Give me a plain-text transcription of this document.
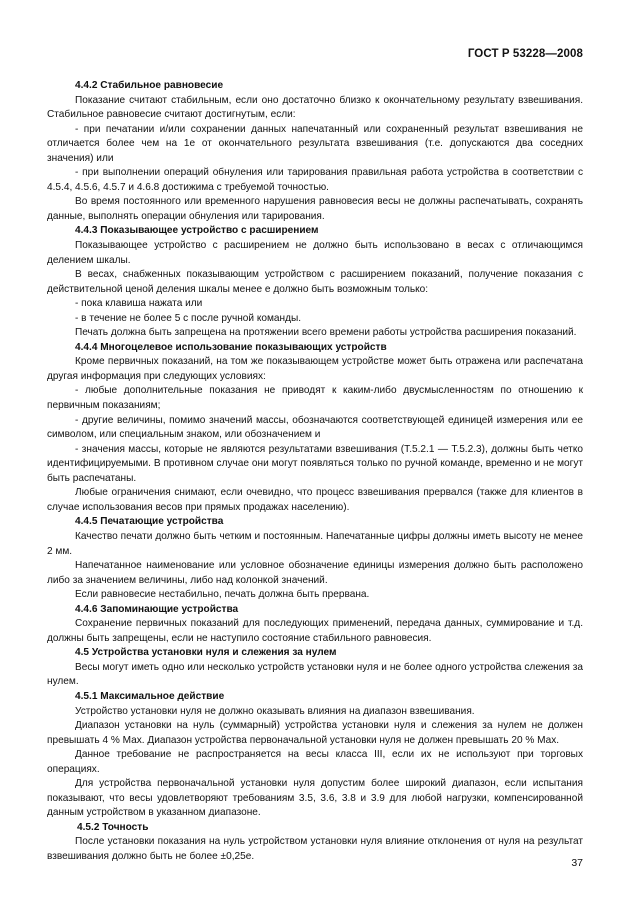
ГОСТ Р 53228—2008

4.4.2 Стабильное равновесие

Показание считают стабильным, если оно достаточно близко к окончательному результату взвешивания. Стабильное равновесие считают достигнутым, если:

- при печатании и/или сохранении данных напечатанный или сохраненный результат взвешивания не отличается более чем на 1e от окончательного результата взвешивания (т.е. допускаются два соседних значения) или

- при выполнении операций обнуления или тарирования правильная работа устройства в соответствии с 4.5.4, 4.5.6, 4.5.7 и 4.6.8 достижима с требуемой точностью.

Во время постоянного или временного нарушения равновесия весы не должны распечатывать, сохранять данные, выполнять операции обнуления или тарирования.

4.4.3 Показывающее устройство с расширением

Показывающее устройство с расширением не должно быть использовано в весах с отличающимся делением шкалы.

В весах, снабженных показывающим устройством с расширением показаний, получение показания с действительной ценой деления шкалы менее e должно быть возможным только:

- пока клавиша нажата или

- в течение не более 5 с после ручной команды.

Печать должна быть запрещена на протяжении всего времени работы устройства расширения показаний.

4.4.4 Многоцелевое использование показывающих устройств

Кроме первичных показаний, на том же показывающем устройстве может быть отражена или распечатана другая информация при следующих условиях:

- любые дополнительные показания не приводят к каким-либо двусмысленностям по отношению к первичным показаниям;

- другие величины, помимо значений массы, обозначаются соответствующей единицей измерения или ее символом, или специальным знаком, или обозначением и

- значения массы, которые не являются результатами взвешивания (Т.5.2.1 — Т.5.2.3), должны быть четко идентифицируемыми. В противном случае они могут появляться только по ручной команде, временно и не могут быть распечатаны.

Любые ограничения снимают, если очевидно, что процесс взвешивания прервался (также для клиентов в случае использования весов при прямых продажах населению).

4.4.5 Печатающие устройства

Качество печати должно быть четким и постоянным. Напечатанные цифры должны иметь высоту не менее 2 мм.

Напечатанное наименование или условное обозначение единицы измерения должно быть расположено либо за значением величины, либо над колонкой значений.

Если равновесие нестабильно, печать должна быть прервана.

4.4.6 Запоминающие устройства

Сохранение первичных показаний для последующих применений, передача данных, суммирование и т.д. должны быть запрещены, если не наступило состояние стабильного равновесия.

4.5 Устройства установки нуля и слежения за нулем

Весы могут иметь одно или несколько устройств установки нуля и не более одного устройства слежения за нулем.

4.5.1 Максимальное действие

Устройство установки нуля не должно оказывать влияния на диапазон взвешивания.

Диапазон установки на нуль (суммарный) устройства установки нуля и слежения за нулем не должен превышать 4 % Max. Диапазон устройства первоначальной установки нуля не должен превышать 20 % Max.

Данное требование не распространяется на весы класса III, если их не используют при торговых операциях.

Для устройства первоначальной установки нуля допустим более широкий диапазон, если испытания показывают, что весы удовлетворяют требованиям 3.5, 3.6, 3.8 и 3.9 для любой нагрузки, компенсированной данным устройством в указанном диапазоне.

4.5.2 Точность

После установки показания на нуль устройством установки нуля влияние отклонения от нуля на результат взвешивания должно быть не более ±0,25e.

37
